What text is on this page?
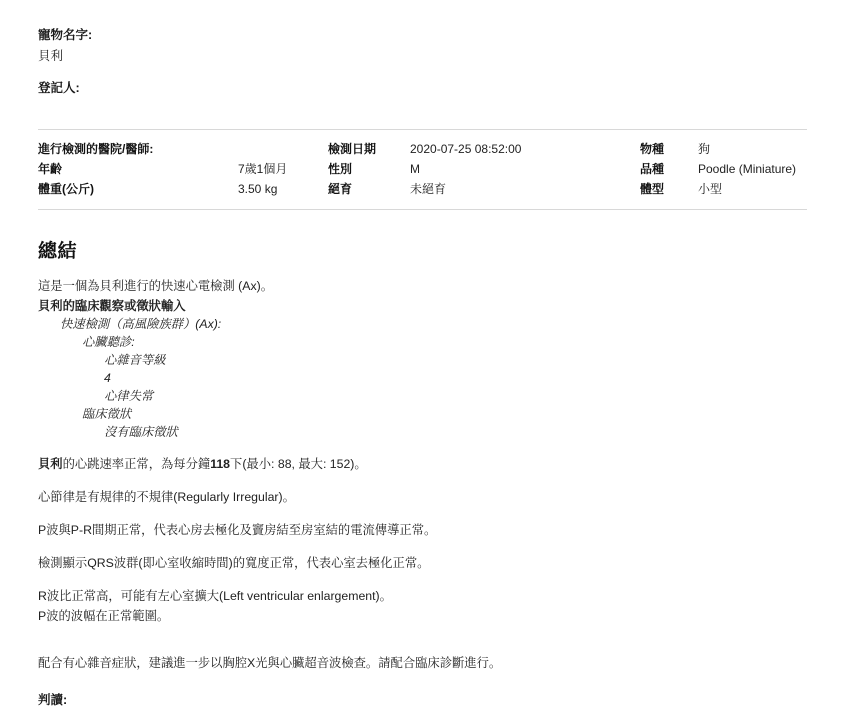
寵物名字:
貝利
登記人:
進行檢測的醫院/醫師:		檢測日期	2020-07-25 08:52:00	物種	狗
年齡	7歲1個月	性別	M	品種	Poodle (Miniature)
體重(公斤)	3.50 kg	絕育	未絕育	體型	小型
總結

這是一個為貝利進行的快速心電檢測 (Ax)。

貝利的臨床觀察或徵狀輸入

快速檢測（高風險族群）(Ax):
心臟聽診:
心雜音等級
4
心律失常
臨床徵狀
沒有臨床徵狀

貝利的心跳速率正常，為每分鐘118下(最小: 88, 最大: 152)。

心節律是有規律的不規律(Regularly Irregular)。

P波與P-R間期正常，代表心房去極化及竇房結至房室結的電流傳導正常。

檢測顯示QRS波群(即心室收縮時間)的寬度正常，代表心室去極化正常。

R波比正常高，可能有左心室擴大(Left ventricular enlargement)。

P波的波幅在正常範圍。

配合有心雜音症狀，建議進一步以胸腔X光與心臟超音波檢查。請配合臨床診斷進行。

判讀:
